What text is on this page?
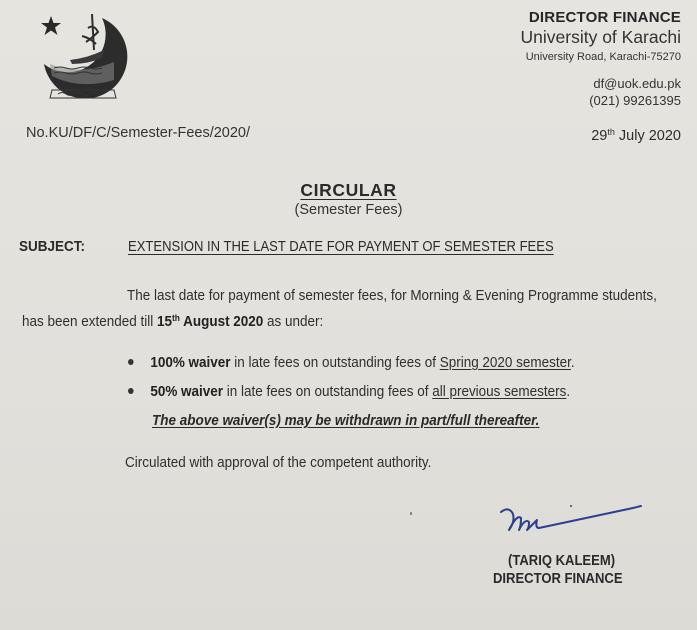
DIRECTOR FINANCE
University of Karachi
University Road, Karachi-75270
df@uok.edu.pk
(021) 99261395
29th July 2020
No.KU/DF/C/Semester-Fees/2020/
CIRCULAR
(Semester Fees)
SUBJECT:	EXTENSION IN THE LAST DATE FOR PAYMENT OF SEMESTER FEES
The last date for payment of semester fees, for Morning & Evening Programme students,
has been extended till 15th August 2020 as under:
100% waiver in late fees on outstanding fees of Spring 2020 semester.
50% waiver in late fees on outstanding fees of all previous semesters.
The above waiver(s) may be withdrawn in part/full thereafter.
Circulated with approval of the competent authority.
(TARIQ KALEEM)
DIRECTOR FINANCE
